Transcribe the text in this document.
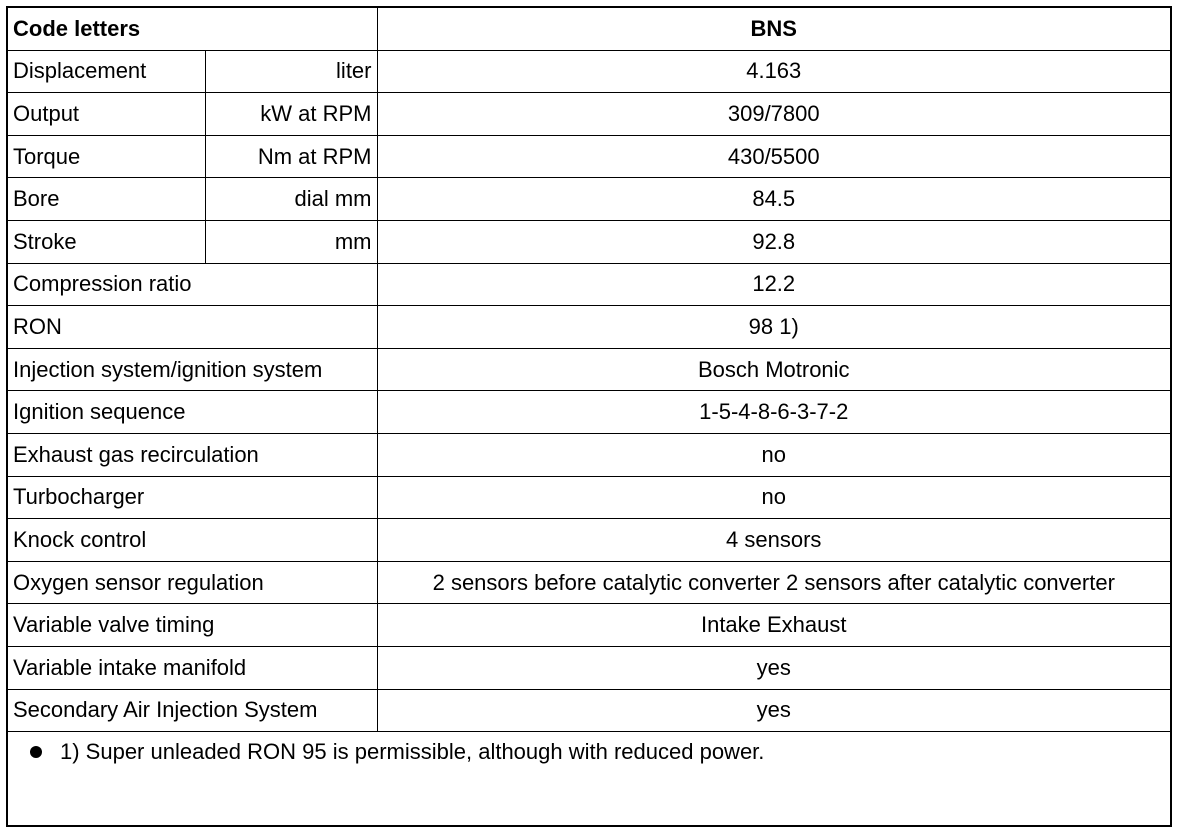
Code letters		BNS
Displacement	liter	4.163
Output	kW at RPM	309/7800
Torque	Nm at RPM	430/5500
Bore	dial mm	84.5
Stroke	mm	92.8
Compression ratio		12.2
RON		98 1)
Injection system/ignition system		Bosch Motronic
Ignition sequence		1-5-4-8-6-3-7-2
Exhaust gas recirculation		no
Turbocharger		no
Knock control		4 sensors
Oxygen sensor regulation		2 sensors before catalytic converter 2 sensors after catalytic converter
Variable valve timing		Intake Exhaust
Variable intake manifold		yes
Secondary Air Injection System		yes
1) Super unleaded RON 95 is permissible, although with reduced power.
